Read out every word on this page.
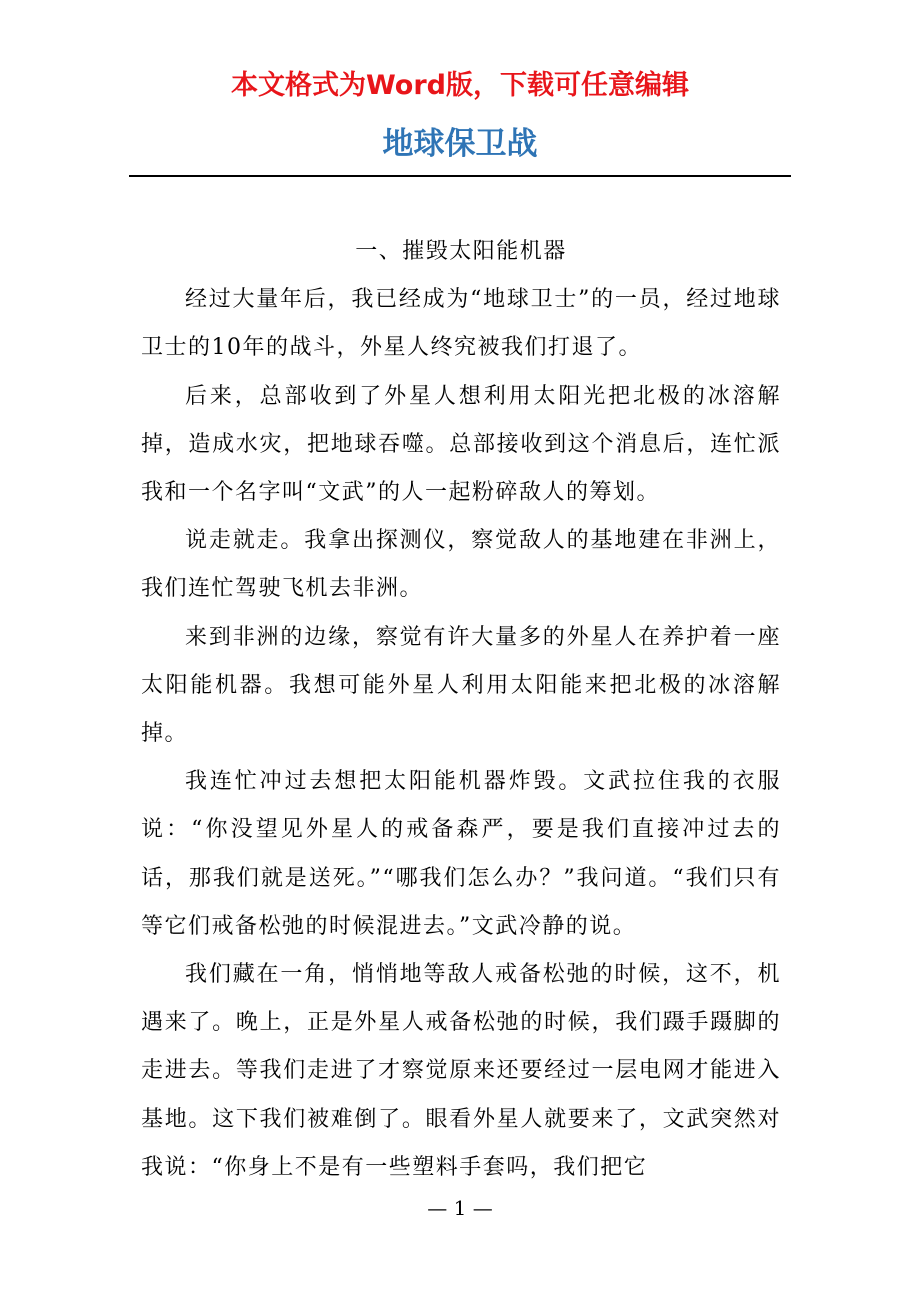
本文格式为Word版，下载可任意编辑
地球保卫战

一、摧毁太阳能机器

经过大量年后，我已经成为“地球卫士”的一员，经过地球卫士的10年的战斗，外星人终究被我们打退了。

后来，总部收到了外星人想利用太阳光把北极的冰溶解掉，造成水灾，把地球吞噬。总部接收到这个消息后，连忙派我和一个名字叫“文武”的人一起粉碎敌人的筹划。

说走就走。我拿出探测仪，察觉敌人的基地建在非洲上，我们连忙驾驶飞机去非洲。

来到非洲的边缘，察觉有许大量多的外星人在养护着一座太阳能机器。我想可能外星人利用太阳能来把北极的冰溶解掉。

我连忙冲过去想把太阳能机器炸毁。文武拉住我的衣服说：“你没望见外星人的戒备森严，要是我们直接冲过去的话，那我们就是送死。”“哪我们怎么办？”我问道。“我们只有等它们戒备松弛的时候混进去。”文武冷静的说。

我们藏在一角，悄悄地等敌人戒备松弛的时候，这不，机遇来了。晚上，正是外星人戒备松弛的时候，我们蹑手蹑脚的走进去。等我们走进了才察觉原来还要经过一层电网才能进入基地。这下我们被难倒了。眼看外星人就要来了，文武突然对我说：“你身上不是有一些塑料手套吗，我们把它

— 1 —
